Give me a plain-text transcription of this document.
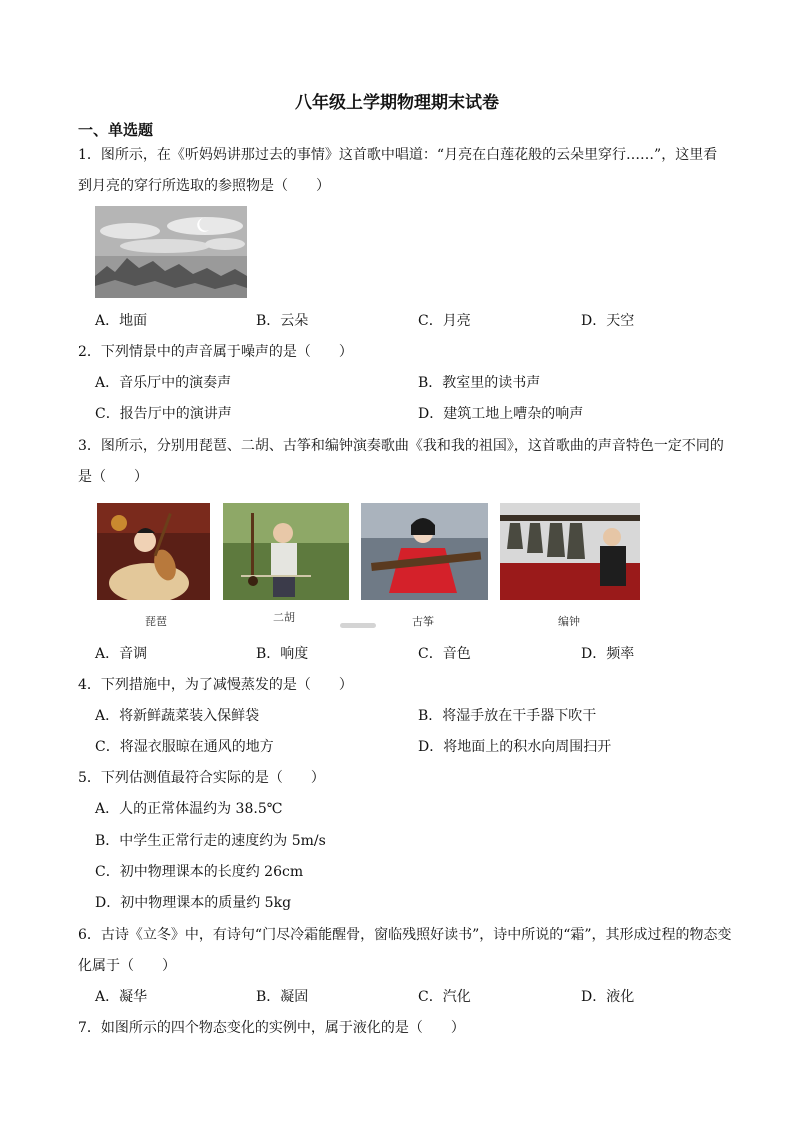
八年级上学期物理期末试卷
一、单选题
1．图所示，在《听妈妈讲那过去的事情》这首歌中唱道：“月亮在白莲花般的云朵里穿行……”，这里看
到月亮的穿行所选取的参照物是（　　）
A．地面	B．云朵	C．月亮	D．天空
2．下列情景中的声音属于噪声的是（　　）
A．音乐厅中的演奏声	B．教室里的读书声
C．报告厅中的演讲声	D．建筑工地上嘈杂的响声
3．图所示，分别用琵琶、二胡、古筝和编钟演奏歌曲《我和我的祖国》，这首歌曲的声音特色一定不同的
是（　　）
琵琶	二胡	古筝	编钟
A．音调	B．响度	C．音色	D．频率
4．下列措施中，为了减慢蒸发的是（　　）
A．将新鲜蔬菜装入保鲜袋	B．将湿手放在干手器下吹干
C．将湿衣服晾在通风的地方	D．将地面上的积水向周围扫开
5．下列估测值最符合实际的是（　　）
A．人的正常体温约为 38.5℃
B．中学生正常行走的速度约为 5m/s
C．初中物理课本的长度约 26cm
D．初中物理课本的质量约 5kg
6．古诗《立冬》中，有诗句“门尽冷霜能醒骨，窗临残照好读书”，诗中所说的“霜”，其形成过程的物态变
化属于（　　）
A．凝华	B．凝固	C．汽化	D．液化
7．如图所示的四个物态变化的实例中，属于液化的是（　　）
